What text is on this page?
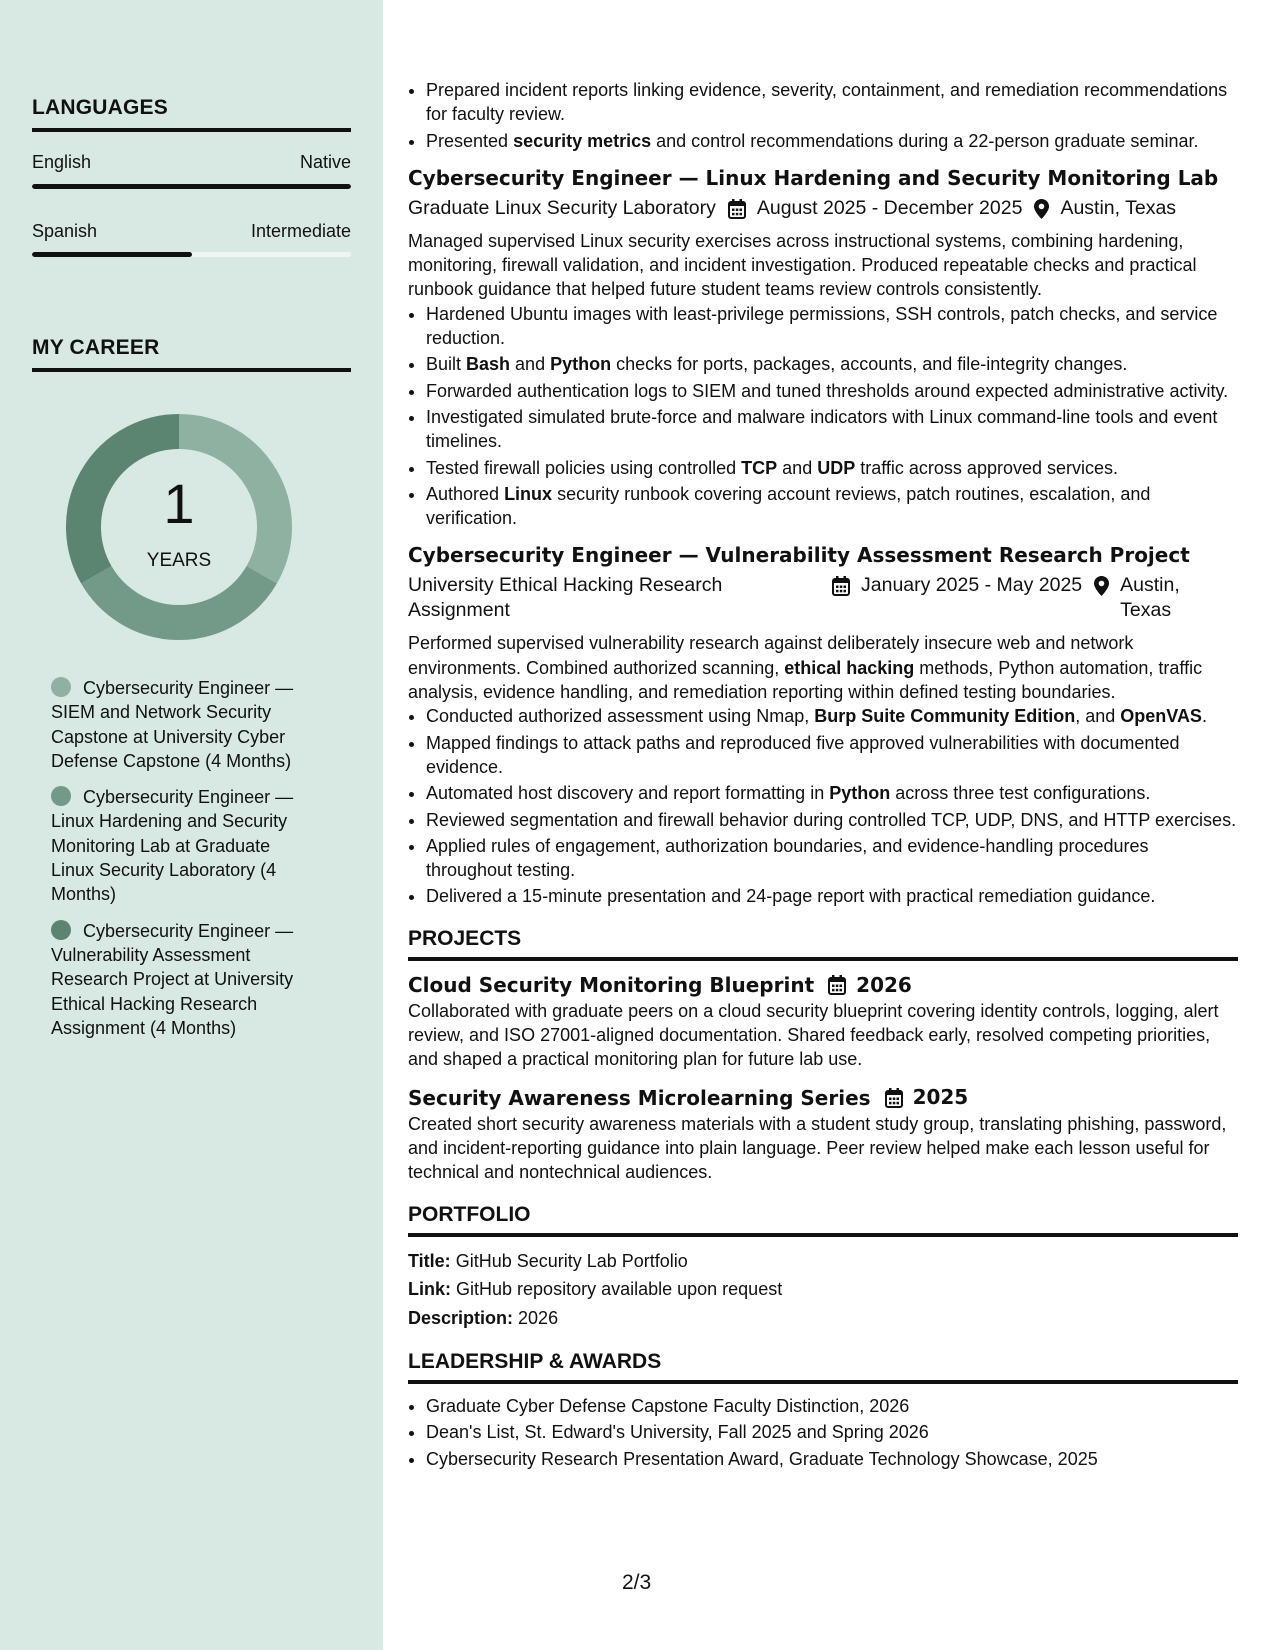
LANGUAGES
English	Native
Spanish	Intermediate
MY CAREER
1
YEARS
Cybersecurity Engineer — SIEM and Network Security Capstone at University Cyber Defense Capstone (4 Months)
Cybersecurity Engineer — Linux Hardening and Security Monitoring Lab at Graduate Linux Security Laboratory (4 Months)
Cybersecurity Engineer — Vulnerability Assessment Research Project at University Ethical Hacking Research Assignment (4 Months)
• Prepared incident reports linking evidence, severity, containment, and remediation recommendations for faculty review.
• Presented security metrics and control recommendations during a 22-person graduate seminar.
Cybersecurity Engineer — Linux Hardening and Security Monitoring Lab
Graduate Linux Security Laboratory August 2025 - December 2025 Austin, Texas

Managed supervised Linux security exercises across instructional systems, combining hardening, monitoring, firewall validation, and incident investigation. Produced repeatable checks and practical runbook guidance that helped future student teams review controls consistently.

• Hardened Ubuntu images with least-privilege permissions, SSH controls, patch checks, and service reduction.
• Built Bash and Python checks for ports, packages, accounts, and file-integrity changes.
• Forwarded authentication logs to SIEM and tuned thresholds around expected administrative activity.
• Investigated simulated brute-force and malware indicators with Linux command-line tools and event timelines.
• Tested firewall policies using controlled TCP and UDP traffic across approved services.
• Authored Linux security runbook covering account reviews, patch routines, escalation, and verification.
Cybersecurity Engineer — Vulnerability Assessment Research Project
University Ethical Hacking Research Assignment
January 2025 - May 2025 Austin, Texas

Performed supervised vulnerability research against deliberately insecure web and network environments. Combined authorized scanning, ethical hacking methods, Python automation, traffic analysis, evidence handling, and remediation reporting within defined testing boundaries.

• Conducted authorized assessment using Nmap, Burp Suite Community Edition, and OpenVAS.
• Mapped findings to attack paths and reproduced five approved vulnerabilities with documented evidence.
• Automated host discovery and report formatting in Python across three test configurations.
• Reviewed segmentation and firewall behavior during controlled TCP, UDP, DNS, and HTTP exercises.
• Applied rules of engagement, authorization boundaries, and evidence-handling procedures throughout testing.
• Delivered a 15-minute presentation and 24-page report with practical remediation guidance.
PROJECTS
Cloud Security Monitoring Blueprint 2026

Collaborated with graduate peers on a cloud security blueprint covering identity controls, logging, alert review, and ISO 27001-aligned documentation. Shared feedback early, resolved competing priorities, and shaped a practical monitoring plan for future lab use.

Security Awareness Microlearning Series 2025

Created short security awareness materials with a student study group, translating phishing, password, and incident-reporting guidance into plain language. Peer review helped make each lesson useful for technical and nontechnical audiences.

PORTFOLIO
Title: GitHub Security Lab Portfolio
Link: GitHub repository available upon request
Description: 2026
LEADERSHIP & AWARDS
• Graduate Cyber Defense Capstone Faculty Distinction, 2026
• Dean's List, St. Edward's University, Fall 2025 and Spring 2026
• Cybersecurity Research Presentation Award, Graduate Technology Showcase, 2025
2/3
